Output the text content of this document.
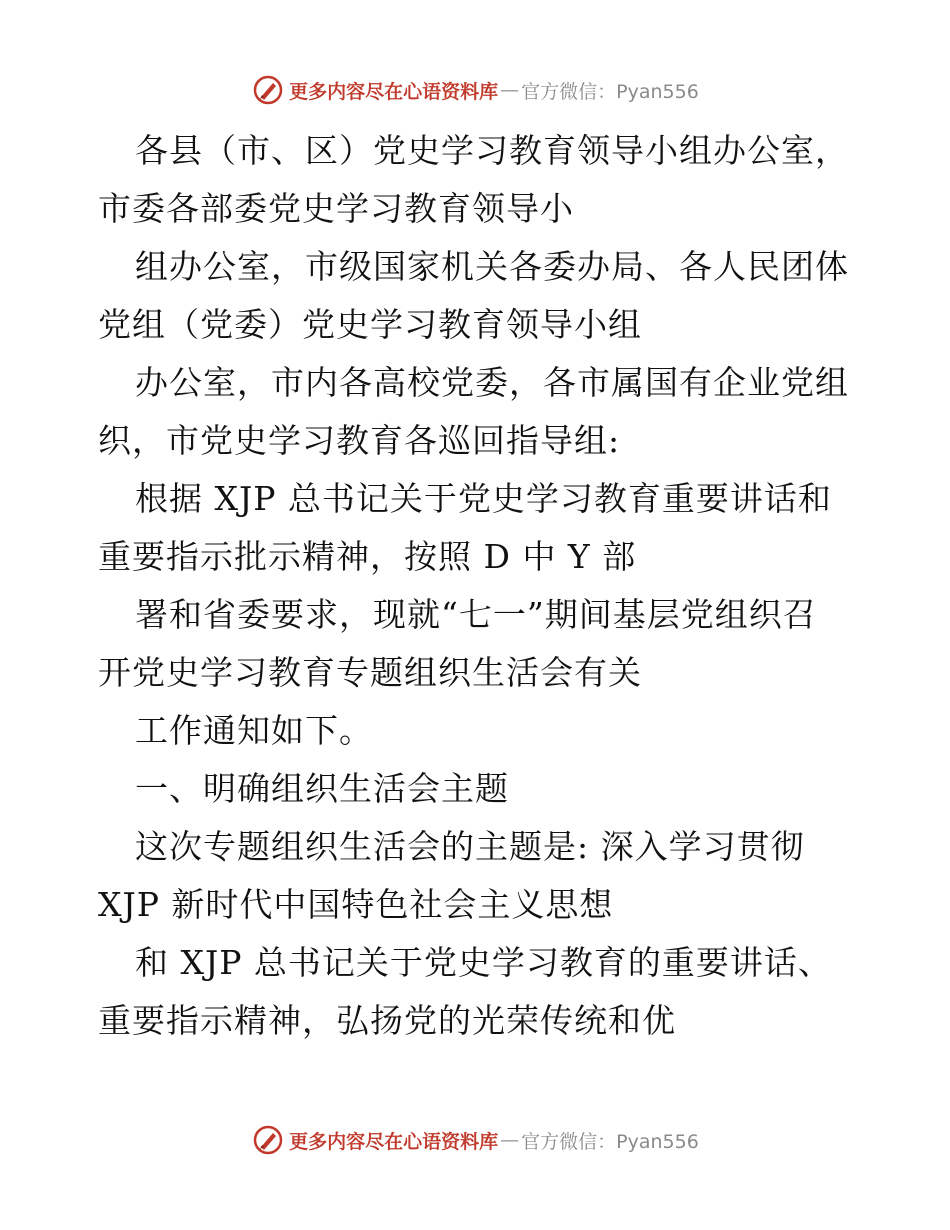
更多内容尽在心语资料库 — 官方微信：Pyan556
各县（市、区）党史学习教育领导小组办公室，
市委各部委党史学习教育领导小
组办公室，市级国家机关各委办局、各人民团体
党组（党委）党史学习教育领导小组
办公室，市内各高校党委，各市属国有企业党组
织，市党史学习教育各巡回指导组:
根据 XJP 总书记关于党史学习教育重要讲话和
重要指示批示精神，按照 D 中 Y 部
署和省委要求，现就“七一”期间基层党组织召
开党史学习教育专题组织生活会有关
工作通知如下。
一、明确组织生活会主题
这次专题组织生活会的主题是: 深入学习贯彻
XJP 新时代中国特色社会主义思想
和 XJP 总书记关于党史学习教育的重要讲话、
重要指示精神，弘扬党的光荣传统和优
更多内容尽在心语资料库 — 官方微信：Pyan556
